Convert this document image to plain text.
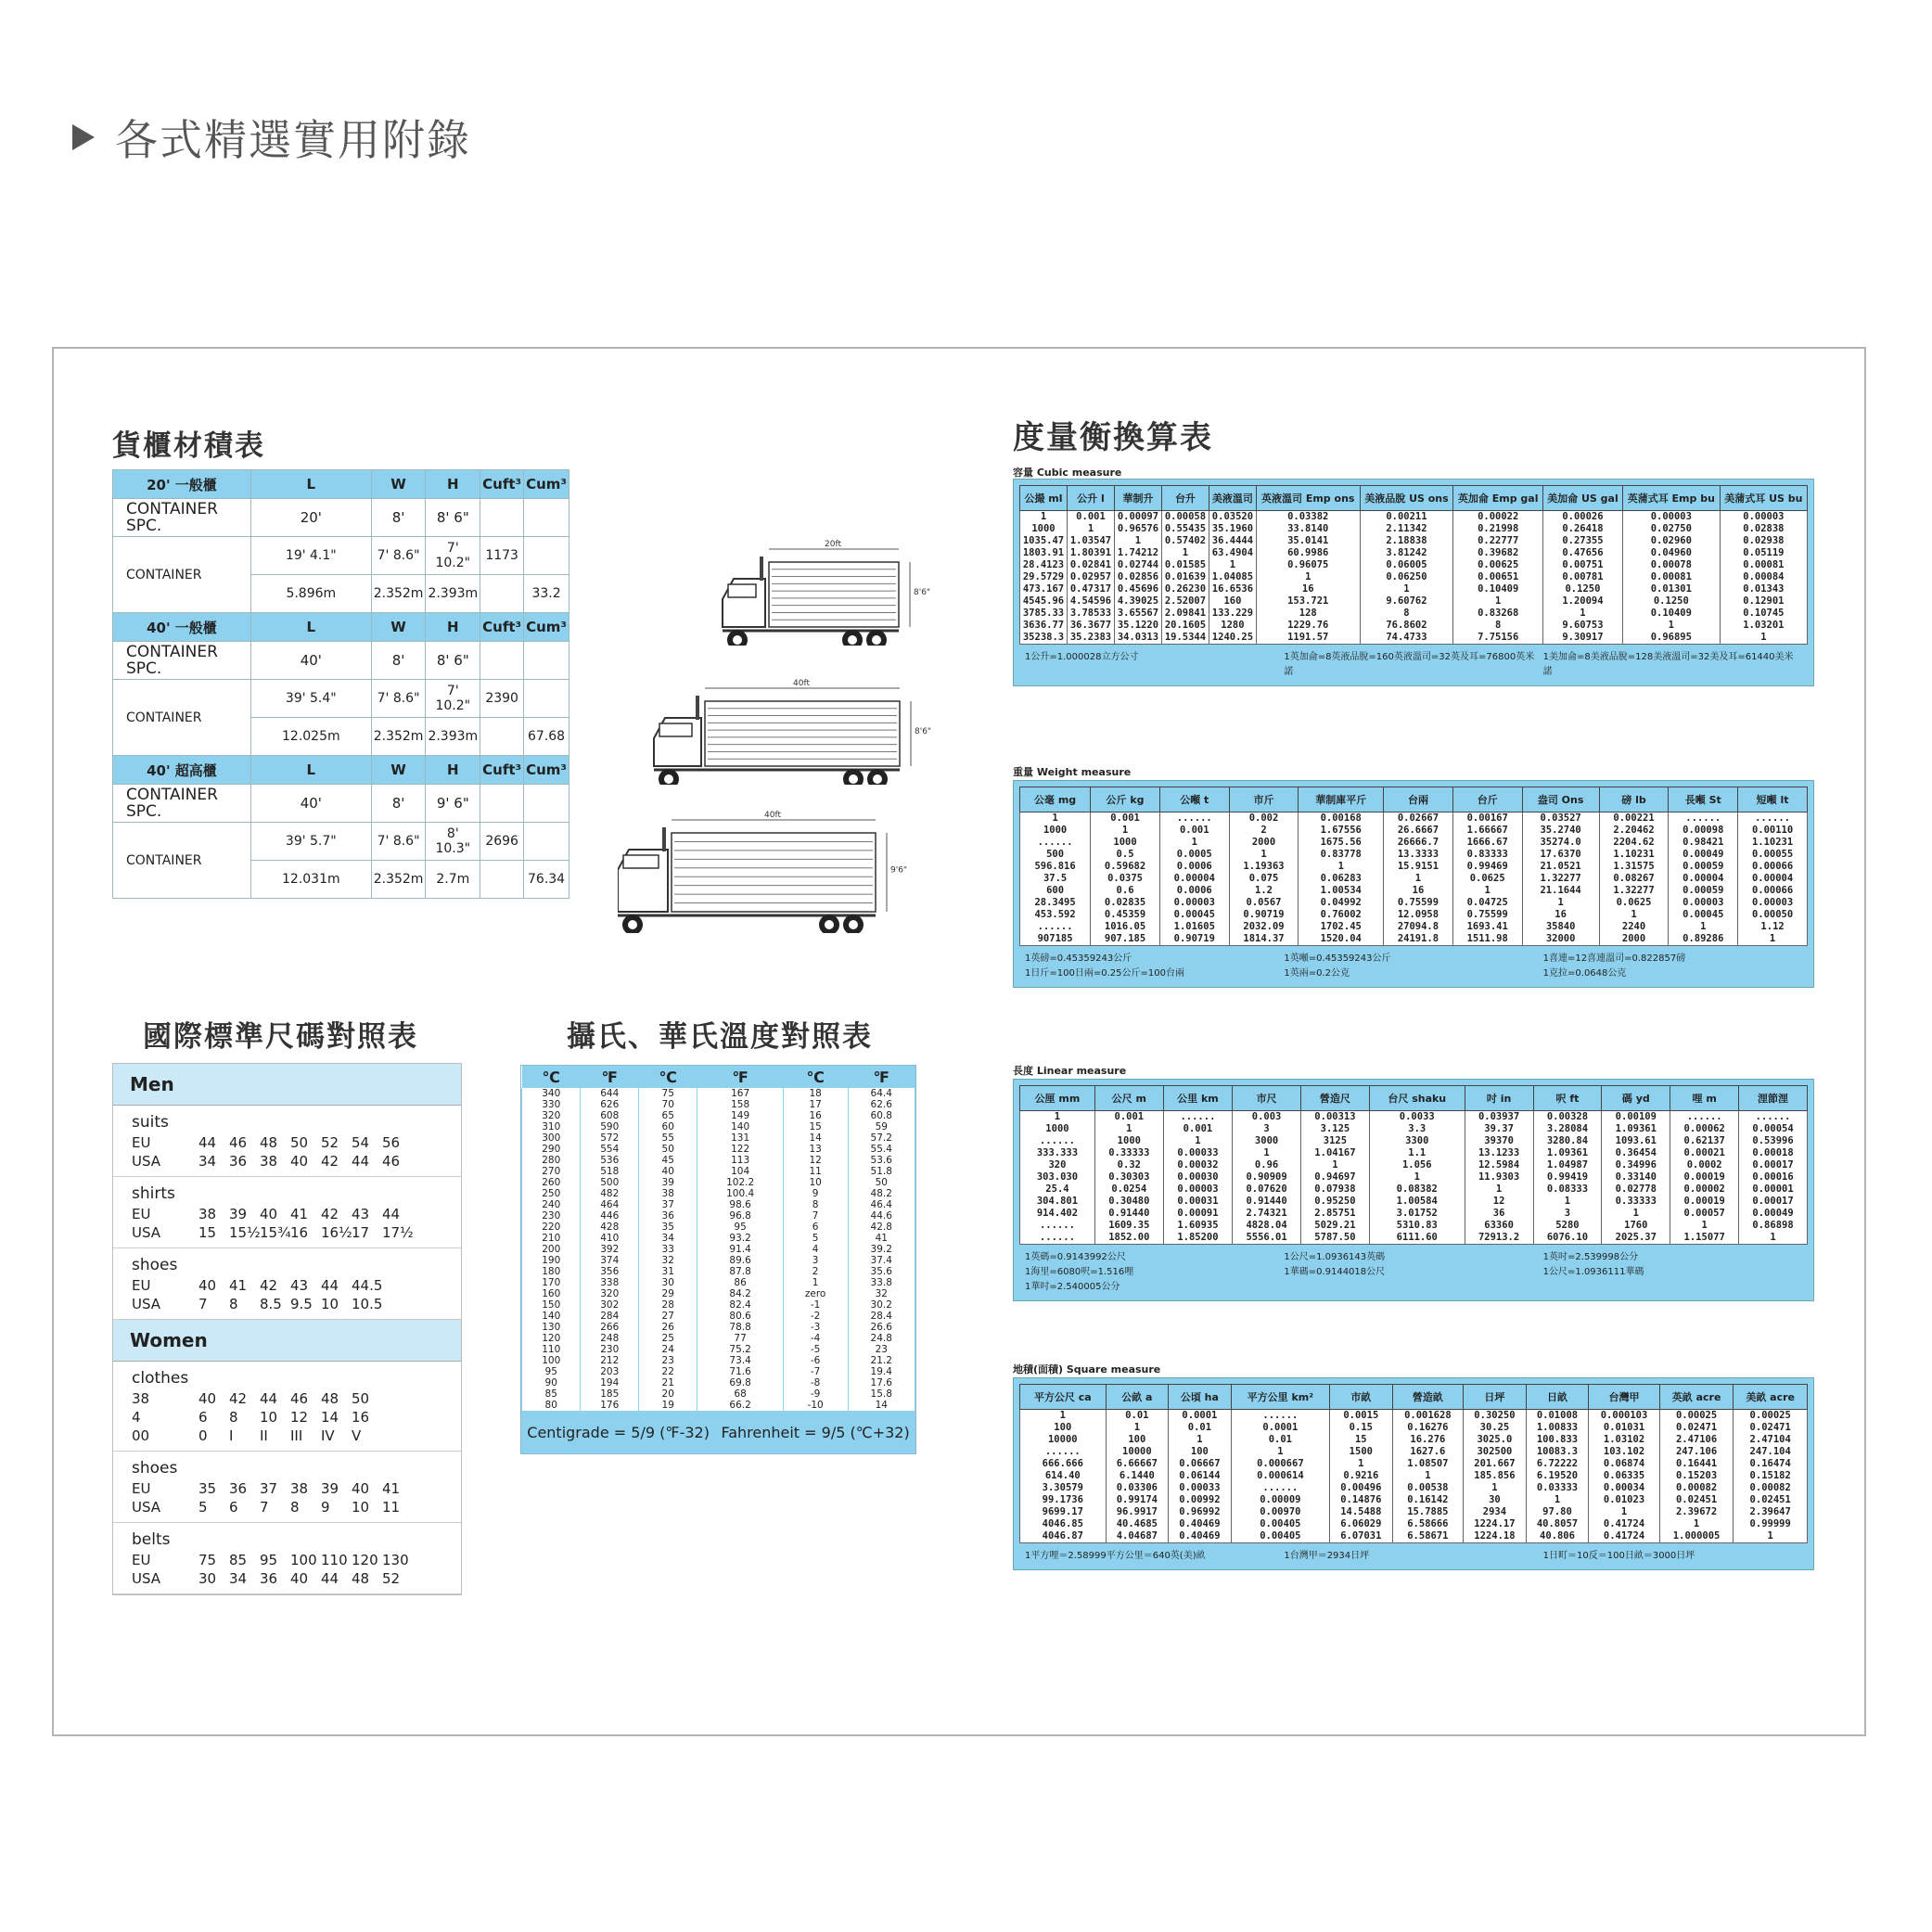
各式精選實用附錄
貨櫃材積表
20' 一般櫃	L	W	H	Cuft³	Cum³
CONTAINER SPC.	20'	8'	8' 6"		
CONTAINER	19' 4.1"	7' 8.6"	7' 10.2"	1173	
	5.896m	2.352m	2.393m		33.2
40' 一般櫃	L	W	H	Cuft³	Cum³
CONTAINER SPC.	40'	8'	8' 6"		
CONTAINER	39' 5.4"	7' 8.6"	7' 10.2"	2390	
	12.025m	2.352m	2.393m		67.68
40' 超高櫃	L	W	H	Cuft³	Cum³
CONTAINER SPC.	40'	8'	9' 6"		
CONTAINER	39' 5.7"	7' 8.6"	8' 10.3"	2696	
	12.031m	2.352m	2.7m		76.34
20ft
8'6"
40ft
8'6"
40ft
9'6"
國際標準尺碼對照表
Men
suits
EU	44 46 48 50 52 54 56
USA	34 36 38 40 42 44 46
shirts
EU	38 39 40 41 42 43 44
USA	15 15½ 15¾ 16 16½ 17 17½
shoes
EU	40 41 42 43 44 44.5
USA	7	8	8.5 9.5 10 10.5
Women
clothes
38	40 42 44 46 48 50
4	6	8	10 12 14 16
00	0	I	II	III	IV	V
shoes
EU	35 36 37 38 39 40 41
USA	5	6	7	8	9	10 11
belts
EU	75 85 95 100 110 120 130
USA	30 34 36 40 44 48 52
攝氏、華氏溫度對照表
℃	℉	℃	℉	℃	℉
340	644	75	167	18	64.4
330	626	70	158	17	62.6
320	608	65	149	16	60.8
310	590	60	140	15	59
300	572	55	131	14	57.2
290	554	50	122	13	55.4
280	536	45	113	12	53.6
270	518	40	104	11	51.8
260	500	39	102.2	10	50
250	482	38	100.4	9	48.2
240	464	37	98.6	8	46.4
230	446	36	96.8	7	44.6
220	428	35	95	6	42.8
210	410	34	93.2	5	41
200	392	33	91.4	4	39.2
190	374	32	89.6	3	37.4
180	356	31	87.8	2	35.6
170	338	30	86	1	33.8
160	320	29	84.2	zero	32
150	302	28	82.4	-1	30.2
140	284	27	80.6	-2	28.4
130	266	26	78.8	-3	26.6
120	248	25	77	-4	24.8
110	230	24	75.2	-5	23
100	212	23	73.4	-6	21.2
95	203	22	71.6	-7	19.4
90	194	21	69.8	-8	17.6
85	185	20	68	-9	15.8
80	176	19	66.2	-10	14
Centigrade = 5/9 (℉-32) Fahrenheit = 9/5 (℃+32)
度量衡換算表
容量 Cubic measure
公撮 ml	公升 l	華制升	台升	美液溫司	英液溫司 Emp ons	美液品脫 US ons	英加侖 Emp gal	美加侖 US gal	英蒲式耳 Emp bu	美蒲式耳 US bu
1	0.001	0.00097	0.00058	0.03520	0.03382	0.00211	0.00022	0.00026	0.00003	0.00003
1000	1	0.96576	0.55435	35.1960	33.8140	2.11342	0.21998	0.26418	0.02750	0.02838
1035.47	1.03547	1	0.57402	36.4444	35.0141	2.18838	0.22777	0.27355	0.02960	0.02938
1803.91	1.80391	1.74212	1	63.4904	60.9986	3.81242	0.39682	0.47656	0.04960	0.05119
28.4123	0.02841	0.02744	0.01585	1	0.96075	0.06005	0.00625	0.00751	0.00078	0.00081
29.5729	0.02957	0.02856	0.01639	1.04085	1	0.06250	0.00651	0.00781	0.00081	0.00084
473.167	0.47317	0.45696	0.26230	16.6536	16	1	0.10409	0.1250	0.01301	0.01343
4545.96	4.54596	4.39025	2.52007	160	153.721	9.60762	1	1.20094	0.1250	0.12901
3785.33	3.78533	3.65567	2.09841	133.229	128	8	0.83268	1	0.10409	0.10745
3636.77	36.3677	35.1220	20.1605	1280	1229.76	76.8602	8	9.60753	1	1.03201
35238.3	35.2383	34.0313	19.5344	1240.25	1191.57	74.4733	7.75156	9.30917	0.96895	1
1公升=1.000028立方公寸	1英加侖=8英液品脫=160英液溫司=32英及耳=76800英米諾
1美加侖=8美液品脫=128美液溫司=32美及耳=61440美米諾
重量 Weight measure
公毫 mg	公斤 kg	公噸 t	市斤	華制庫平斤	台兩	台斤	盎司 Ons	磅 lb	長噸 St	短噸 lt
1	0.001	......	0.002	0.00168	0.02667	0.00167	0.03527	0.00221	......	......
1000	1	0.001	2	1.67556	26.6667	1.66667	35.2740	2.20462	0.00098	0.00110
......	1000	1	2000	1675.56	26666.7	1666.67	35274.0	2204.62	0.98421	1.10231
500	0.5	0.0005	1	0.83778	13.3333	0.83333	17.6370	1.10231	0.00049	0.00055
596.816	0.59682	0.0006	1.19363	1	15.9151	0.99469	21.0521	1.31575	0.00059	0.00066
37.5	0.0375	0.00004	0.075	0.06283	1	0.0625	1.32277	0.08267	0.00004	0.00004
600	0.6	0.0006	1.2	1.00534	16	1	21.1644	1.32277	0.00059	0.00066
28.3495	0.02835	0.00003	0.0567	0.04992	0.75599	0.04725	1	0.0625	0.00003	0.00003
453.592	0.45359	0.00045	0.90719	0.76002	12.0958	0.75599	16	1	0.00045	0.00050
......	1016.05	1.01605	2032.09	1702.45	27094.8	1693.41	35840	2240	1	1.12
907185	907.185	0.90719	1814.37	1520.04	24191.8	1511.98	32000	2000	0.89286	1
1英磅=0.45359243公斤	1英噸=0.45359243公斤	1喜連=12喜連溫司=0.822857磅
1日斤=100日兩=0.25公斤=100台兩	1英兩=0.2公克	1克拉=0.0648公克
長度 Linear measure
公厘 mm	公尺 m	公里 km	市尺	營造尺	台尺 shaku	吋 in	呎 ft	碼 yd	哩 m	浬節浬
1	0.001	......	0.003	0.00313	0.0033	0.03937	0.00328	0.00109	......	......
1000	1	0.001	3	3.125	3.3	39.37	3.28084	1.09361	0.00062	0.00054
......	1000	1	3000	3125	3300	39370	3280.84	1093.61	0.62137	0.53996
333.333	0.33333	0.00033	1	1.04167	1.1	13.1233	1.09361	0.36454	0.00021	0.00018
320	0.32	0.00032	0.96	1	1.056	12.5984	1.04987	0.34996	0.0002	0.00017
303.030	0.30303	0.00030	0.90909	0.94697	1	11.9303	0.99419	0.33140	0.00019	0.00016
25.4	0.0254	0.00003	0.07620	0.07938	0.08382	1	0.08333	0.02778	0.00002	0.00001
304.801	0.30480	0.00031	0.91440	0.95250	1.00584	12	1	0.33333	0.00019	0.00017
914.402	0.91440	0.00091	2.74321	2.85751	3.01752	36	3	1	0.00057	0.00049
......	1609.35	1.60935	4828.04	5029.21	5310.83	63360	5280	1760	1	0.86898
......	1852.00	1.85200	5556.01	5787.50	6111.60	72913.2	6076.10	2025.37	1.15077	1
1英碼=0.9143992公尺	1公尺=1.0936143英碼	1英吋=2.539998公分
1海里=6080呎=1.516哩	1華碼=0.9144018公尺	1公尺=1.0936111華碼
1華吋=2.540005公分
地積(面積) Square measure
平方公尺 ca	公畝 a	公頃 ha	平方公里 km²	市畝	營造畝	日坪	日畝	台灣甲	英畝 acre	美畝 acre
1	0.01	0.0001	......	0.0015	0.001628	0.30250	0.01008	0.000103	0.00025	0.00025
100	1	0.01	0.0001	0.15	0.16276	30.25	1.00833	0.01031	0.02471	0.02471
10000	100	1	0.01	15	16.276	3025.0	100.833	1.03102	2.47106	2.47104
......	10000	100	1	1500	1627.6	302500	10083.3	103.102	247.106	247.104
666.666	6.66667	0.06667	0.000667	1	1.08507	201.667	6.72222	0.06874	0.16441	0.16474
614.40	6.1440	0.06144	0.000614	0.9216	1	185.856	6.19520	0.06335	0.15203	0.15182
3.30579	0.03306	0.00033	......	0.00496	0.00538	1	0.03333	0.00034	0.00082	0.00082
99.1736	0.99174	0.00992	0.00009	0.14876	0.16142	30	1	0.01023	0.02451	0.02451
9699.17	96.9917	0.96992	0.00970	14.5488	15.7885	2934	97.80	1	2.39672	2.39647
4046.85	40.4685	0.40469	0.00405	6.06029	6.58666	1224.17	40.8057	0.41724	1	0.99999
4046.87	4.04687	0.40469	0.00405	6.07031	6.58671	1224.18	40.806	0.41724	1.000005	1
1平方哩＝2.58999平方公里＝640英(美)畝	1台灣甲＝2934日坪	1日町＝10反＝100日畝＝3000日坪
